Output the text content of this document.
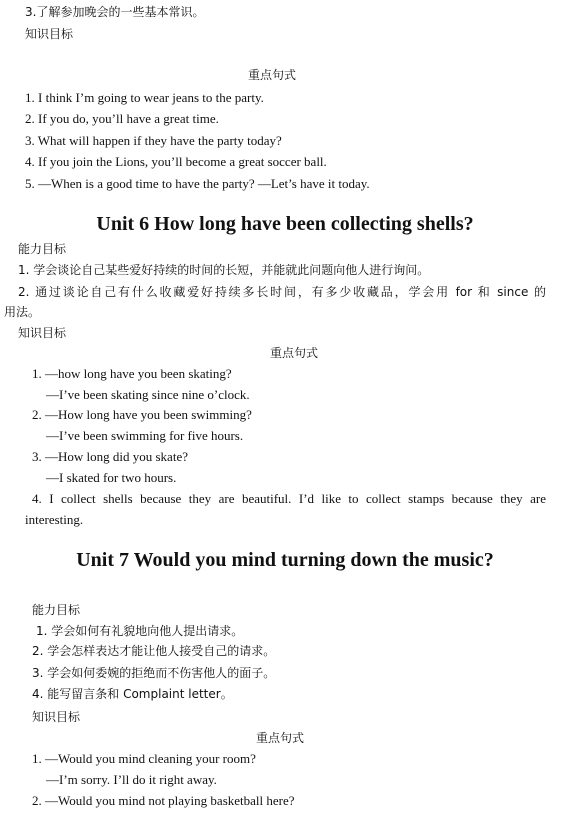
3.了解参加晚会的一些基本常识。
知识目标
重点句式
1. I think I’m going to wear jeans to the party.
2. If you do, you’ll have a great time.
3. What will happen if they have the party today?
4. If you join the Lions, you’ll become a great soccer ball.
5. —When is a good time to have the party? —Let’s have it today.
Unit 6 How long have been collecting shells?
能力目标
1. 学会谈论自己某些爱好持续的时间的长短，并能就此问题向他人进行询问。
2. 通过谈论自己有什么收藏爱好持续多长时间，有多少收藏品，学会用 for 和 since 的
用法。
知识目标
重点句式
1. —how long have you been skating?
—I’ve been skating since nine o’clock.
2. —How long have you been swimming?
—I’ve been swimming for five hours.
3. —How long did you skate?
—I skated for two hours.
4. I collect shells because they are beautiful. I’d like to collect stamps because they are
interesting.
Unit 7 Would you mind turning down the music?
能力目标
1. 学会如何有礼貌地向他人提出请求。
2. 学会怎样表达才能让他人接受自己的请求。
3. 学会如何委婉的拒绝而不伤害他人的面子。
4. 能写留言条和 Complaint letter。
知识目标
重点句式
1. —Would you mind cleaning your room?
—I’m sorry. I’ll do it right away.
2. —Would you mind not playing basketball here?
